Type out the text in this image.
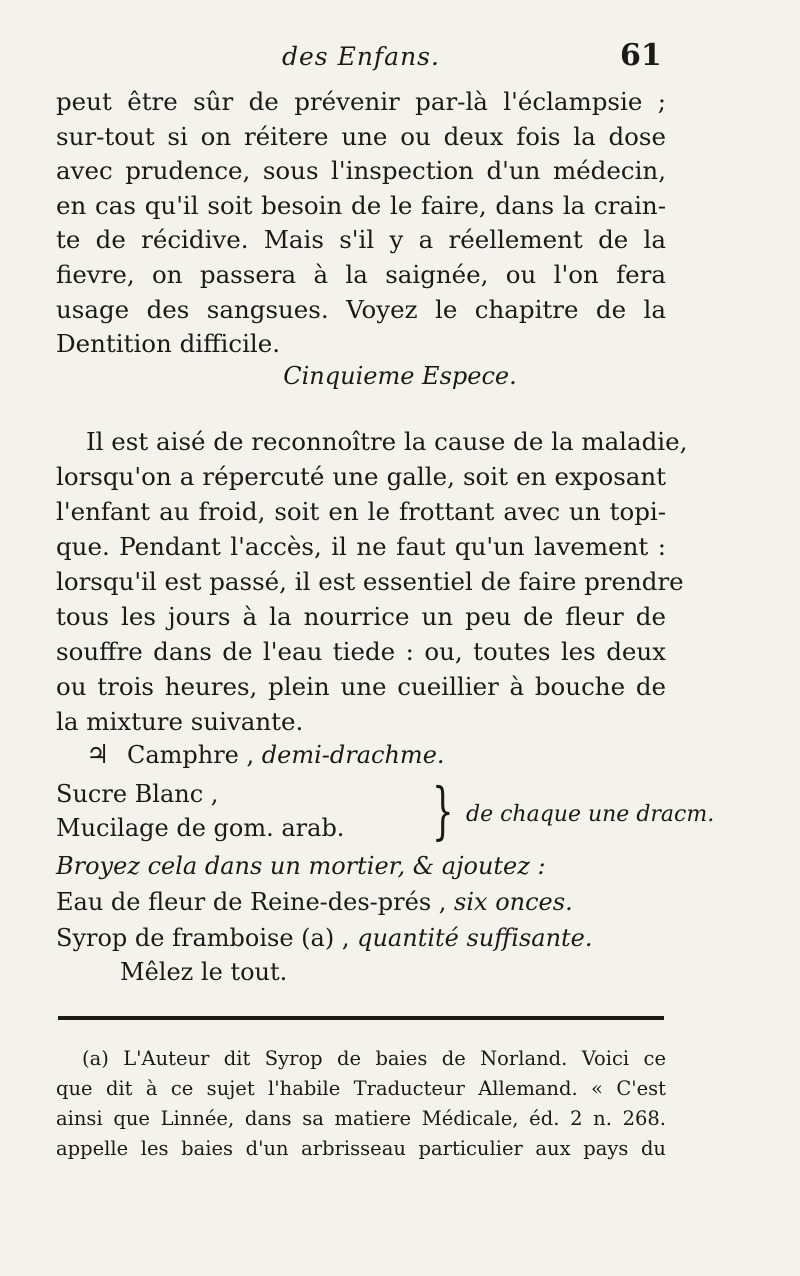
des Enfans.	61
peut être sûr de prévenir par-là l'éclampsie ;
sur-tout si on réitere une ou deux fois la dose
avec prudence, sous l'inspection d'un médecin,
en cas qu'il soit besoin de le faire, dans la crain-
te de récidive. Mais s'il y a réellement de la
fievre, on passera à la saignée, ou l'on fera
usage des sangsues. Voyez le chapitre de la
Dentition difficile.
Cinquieme Espece.
Il est aisé de reconnoître la cause de la maladie,
lorsqu'on a répercuté une galle, soit en exposant
l'enfant au froid, soit en le frottant avec un topi-
que. Pendant l'accès, il ne faut qu'un lavement :
lorsqu'il est passé, il est essentiel de faire prendre
tous les jours à la nourrice un peu de fleur de
souffre dans de l'eau tiede : ou, toutes les deux
ou trois heures, plein une cueillier à bouche de
la mixture suivante.
♃ Camphre , demi-drachme.
Sucre Blanc ,
Mucilage de gom. arab. } de chaque une dracm.
Broyez cela dans un mortier, & ajoutez :
Eau de fleur de Reine-des-prés , six onces.
Syrop de framboise (a) , quantité suffisante.
Mêlez le tout.
(a) L'Auteur dit Syrop de baies de Norland. Voici ce
que dit à ce sujet l'habile Traducteur Allemand. « C'est
ainsi que Linnée, dans sa matiere Médicale, éd. 2 n. 268.
appelle les baies d'un arbrisseau particulier aux pays du
